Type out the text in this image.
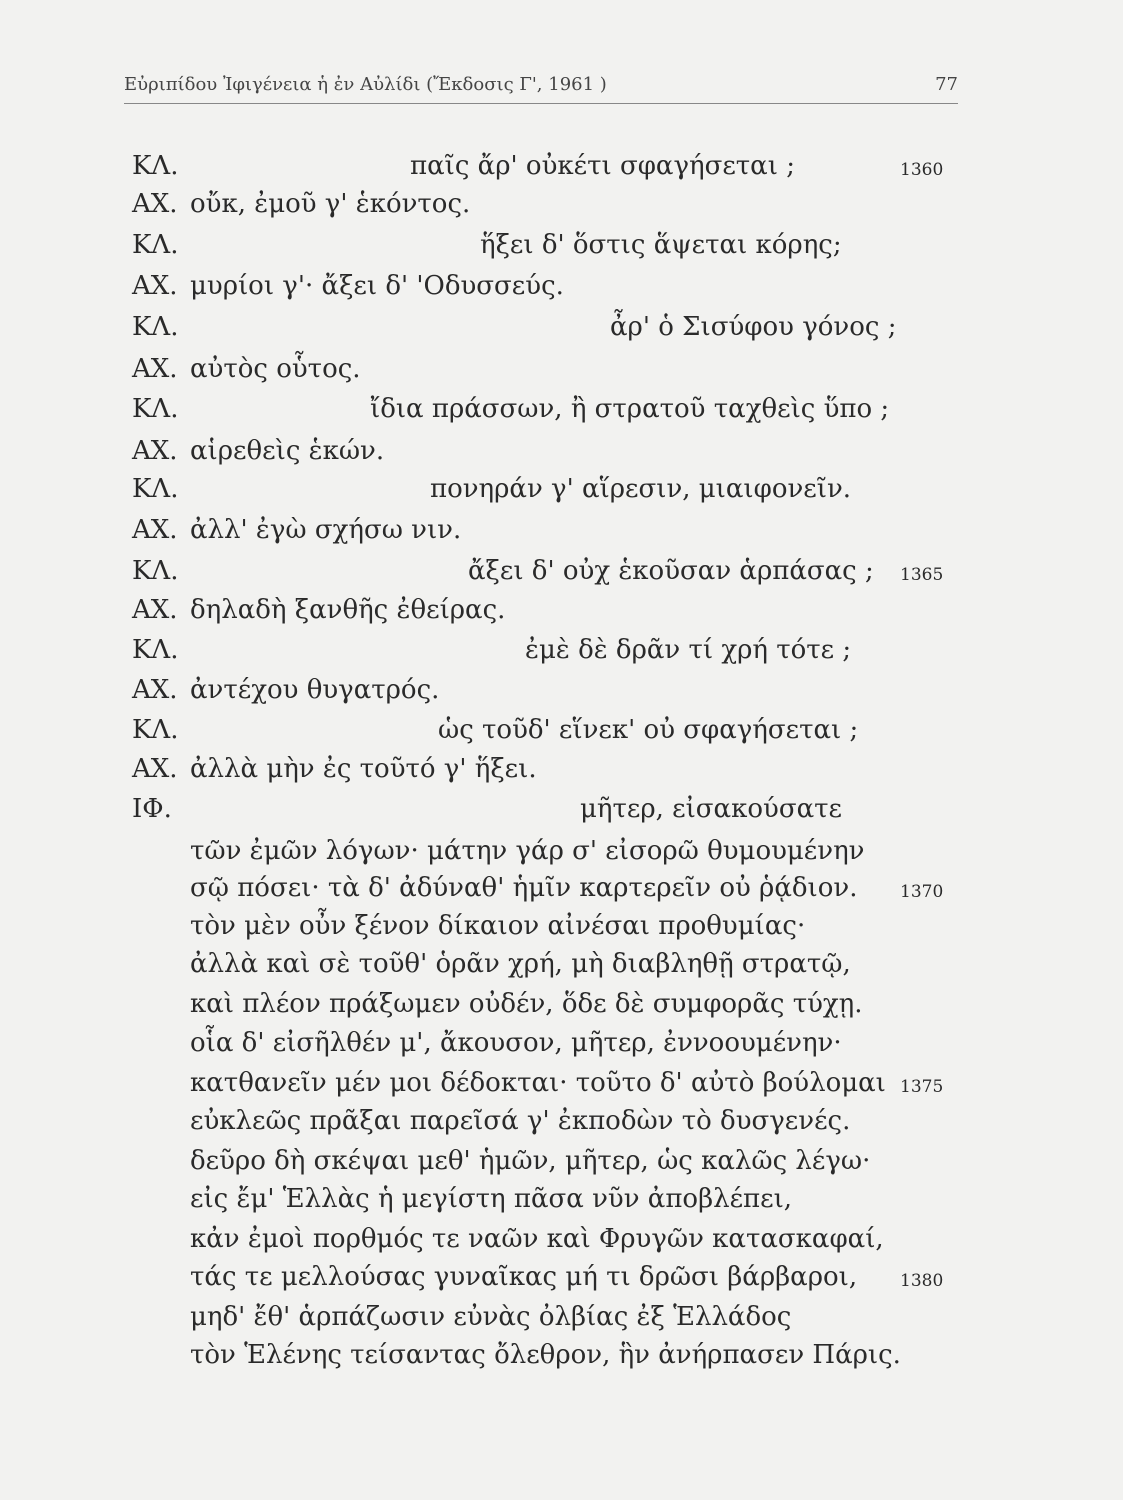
Εὐριπίδου Ἰφιγένεια ἡ ἐν Αὐλίδι (Ἔκδοσις Γ', 1961 )	77
ΚΛ.	παῖς ἄρ' οὐκέτι σφαγήσεται ;	1360
ΑΧ. οὔκ, ἐμοῦ γ' ἑκόντος.
ΚΛ.	ἥξει δ' ὅστις ἅψεται κόρης;
ΑΧ. μυρίοι γ'· ἄξει δ' 'Οδυσσεύς.
ΚΛ.	ἆρ' ὁ Σισύφου γόνος ;
ΑΧ. αὐτὸς οὗτος.
ΚΛ.	ἴδια πράσσων, ἢ στρατοῦ ταχθεὶς ὕπο ;
ΑΧ. αἱρεθεὶς ἑκών.
ΚΛ.	πονηράν γ' αἵρεσιν, μιαιφονεῖν.
ΑΧ. ἀλλ' ἐγὼ σχήσω νιν.
ΚΛ.	ἄξει δ' οὐχ ἑκοῦσαν ἁρπάσας ; 1365
ΑΧ. δηλαδὴ ξανθῆς ἐθείρας.
ΚΛ.	ἐμὲ δὲ δρᾶν τί χρή τότε ;
ΑΧ. ἀντέχου θυγατρός.
ΚΛ.	ὡς τοῦδ' εἵνεκ' οὐ σφαγήσεται ;
ΑΧ. ἀλλὰ μὴν ἐς τοῦτό γ' ἥξει.
ΙΦ.	μῆτερ, εἰσακούσατε
τῶν ἐμῶν λόγων· μάτην γάρ σ' εἰσορῶ θυμουμένην
σῷ πόσει· τὰ δ' ἀδύναθ' ἡμῖν καρτερεῖν οὐ ῥᾴδιον.	1370
τὸν μὲν οὖν ξένον δίκαιον αἰνέσαι προθυμίας·
ἀλλὰ καὶ σὲ τοῦθ' ὁρᾶν χρή, μὴ διαβληθῇ στρατῷ,
καὶ πλέον πράξωμεν οὐδέν, ὅδε δὲ συμφορᾶς τύχῃ.
οἷα δ' εἰσῆλθέν μ', ἄκουσον, μῆτερ, ἐννοουμένην·
κατθανεῖν μέν μοι δέδοκται· τοῦτο δ' αὐτὸ βούλομαι 1375
εὐκλεῶς πρᾶξαι παρεῖσά γ' ἐκποδὼν τὸ δυσγενές.
δεῦρο δὴ σκέψαι μεθ' ἡμῶν, μῆτερ, ὡς καλῶς λέγω·
εἰς ἔμ' Ἑλλὰς ἡ μεγίστη πᾶσα νῦν ἀποβλέπει,
κἀν ἐμοὶ πορθμός τε ναῶν καὶ Φρυγῶν κατασκαφαί,
τάς τε μελλούσας γυναῖκας μή τι δρῶσι βάρβαροι,	1380
μηδ' ἔθ' ἁρπάζωσιν εὐνὰς ὀλβίας ἐξ Ἑλλάδος
τὸν Ἑλένης τείσαντας ὄλεθρον, ἣν ἀνήρπασεν Πάρις.
